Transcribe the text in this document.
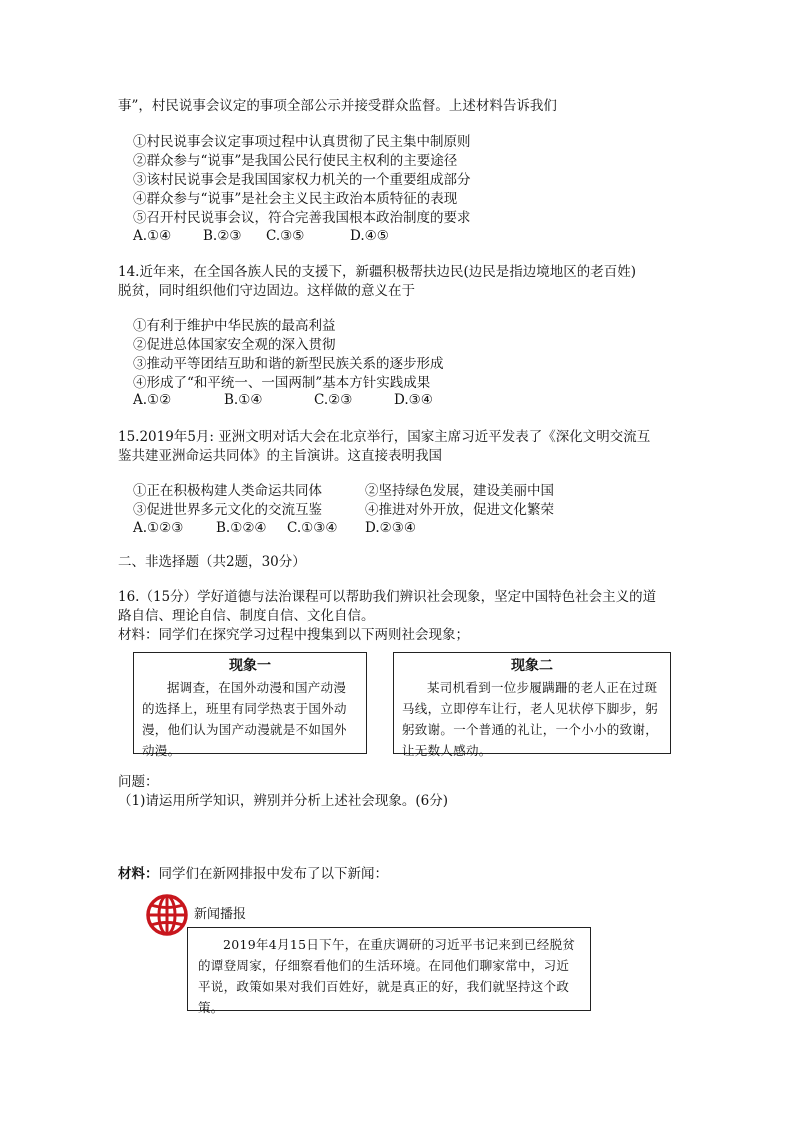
事”，村民说事会议定的事项全部公示并接受群众监督。上述材料告诉我们
①村民说事会议定事项过程中认真贯彻了民主集中制原则
②群众参与“说事”是我国公民行使民主权利的主要途径
③该村民说事会是我国国家权力机关的一个重要组成部分
④群众参与“说事”是社会主义民主政治本质特征的表现
⑤召开村民说事会议，符合完善我国根本政治制度的要求
A.①④ B.②③ C.③⑤	D.④⑤
14.近年来，在全国各族人民的支援下，新疆积极帮扶边民(边民是指边境地区的老百姓)
脱贫，同时组织他们守边固边。这样做的意义在于
①有利于维护中华民族的最高利益
②促进总体国家安全观的深入贯彻
③推动平等团结互助和谐的新型民族关系的逐步形成
④形成了“和平统一、一国两制”基本方针实践成果
A.①②	B.①④	C.②③	D.③④
15.2019年5月: 亚洲文明对话大会在北京举行，国家主席习近平发表了《深化文明交流互
鉴共建亚洲命运共同体》的主旨演讲。这直接表明我国
①正在积极构建人类命运共同体	②坚持绿色发展，建设美丽中国
③促进世界多元文化的交流互鉴	④推进对外开放，促进文化繁荣
A.①②③ B.①②④ C.①③④ D.②③④
二、非选择题（共2题，30分）
16.（15分）学好道德与法治课程可以帮助我们辨识社会现象，坚定中国特色社会主义的道
路自信、理论自信、制度自信、文化自信。
材料：同学们在探究学习过程中搜集到以下两则社会现象；
现象一
据调查，在国外动漫和国产动漫的选择上，班里有同学热衷于国外动漫，他们认为国产动漫就是不如国外动漫。
现象二
某司机看到一位步履蹒跚的老人正在过斑马线，立即停车让行，老人见状停下脚步，躬躬致谢。一个普通的礼让，一个小小的致谢，让无数人感动。
问题：
（1)请运用所学知识，辨别并分析上述社会现象。(6分)
材料：同学们在新网排报中发布了以下新闻：
新闻播报
2019年4月15日下午，在重庆调研的习近平书记来到已经脱贫的谭登周家，仔细察看他们的生活环境。在同他们聊家常中，习近平说，政策如果对我们百姓好，就是真正的好，我们就坚持这个政策。
